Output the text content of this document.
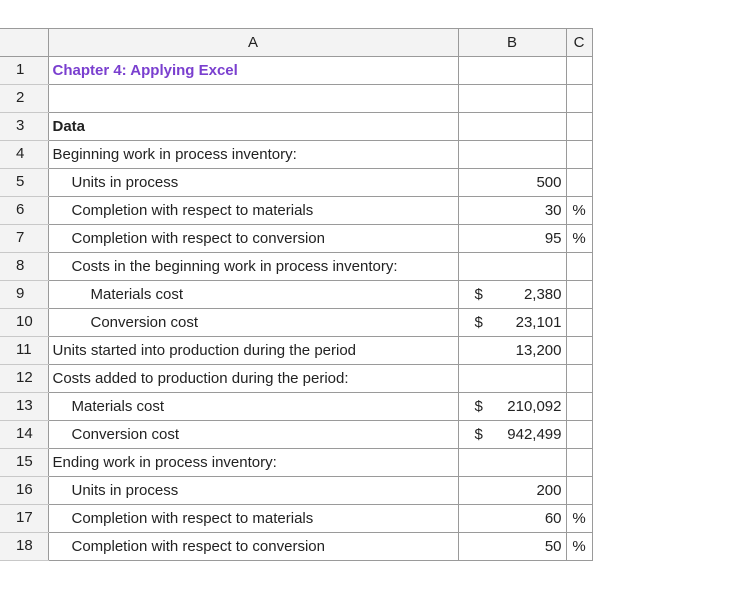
	A	B	C
1	Chapter 4: Applying Excel	

2		

3	Data	

4	Beginning work in process inventory:	

5	Units in process	500	
6	Completion with respect to materials	30	%
7	Completion with respect to conversion	95	%
8	Costs in the beginning work in process inventory:	

9	Materials cost	$ 2,380	
10	Conversion cost	$ 23,101	
11	Units started into production during the period	13,200	
12	Costs added to production during the period:	

13	Materials cost	$ 210,092	
14	Conversion cost	$ 942,499	
15	Ending work in process inventory:	

16	Units in process	200	
17	Completion with respect to materials	60	%
18	Completion with respect to conversion	50	%
